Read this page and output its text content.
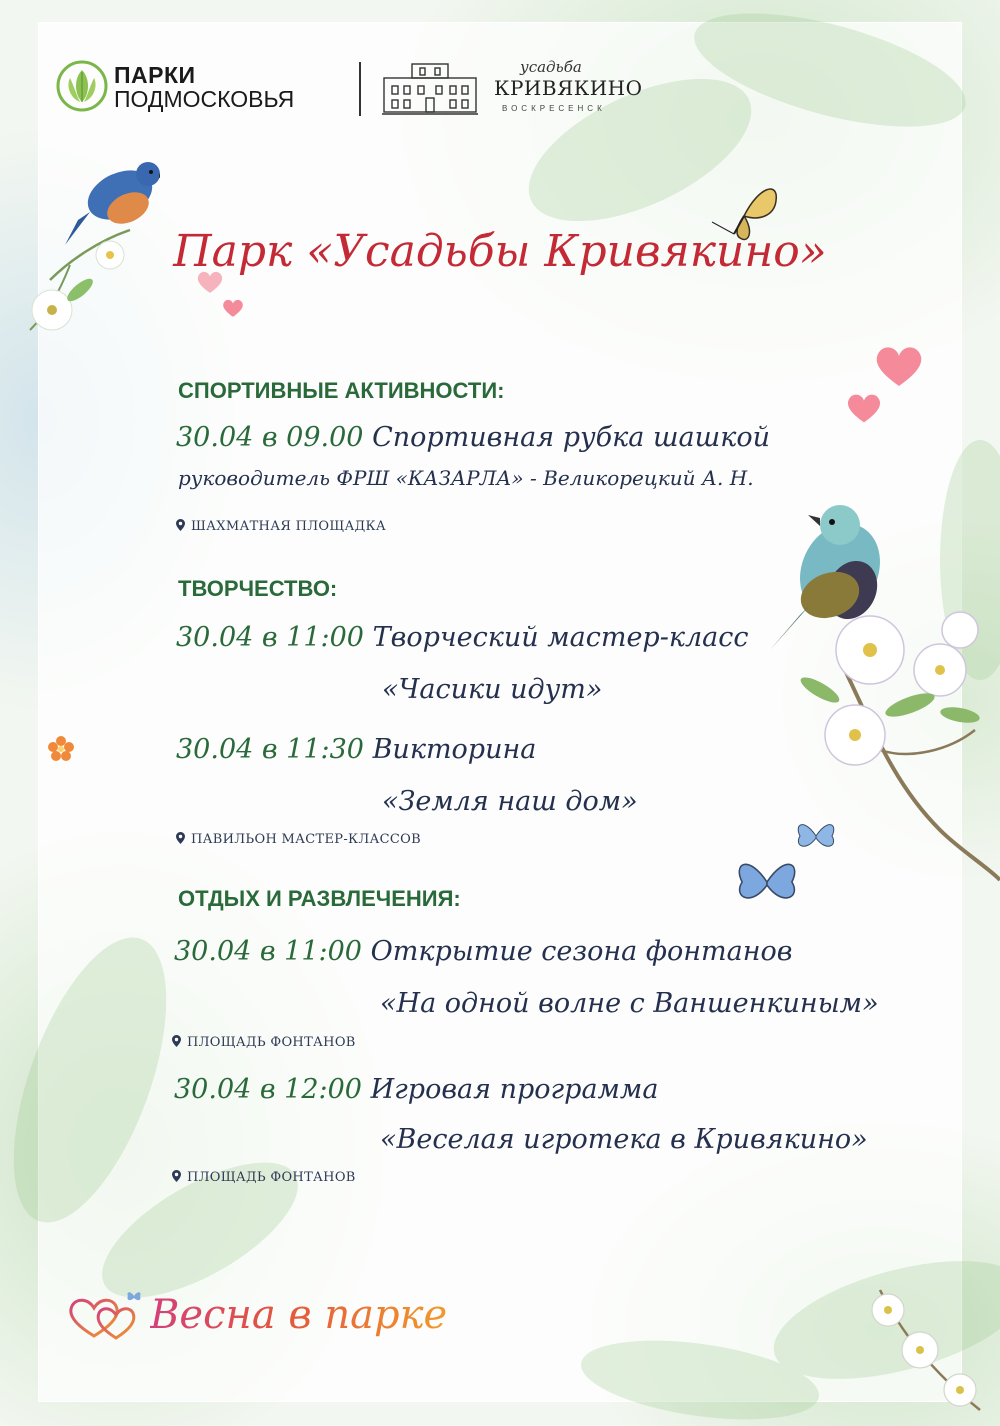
ПАРКИ
ПОДМОСКОВЬЯ
усадьба
КРИВЯКИНО
ВОСКРЕСЕНСК
Парк «Усадьбы Кривякино»
СПОРТИВНЫЕ АКТИВНОСТИ:
30.04 в 09.00 Спортивная рубка шашкой
руководитель ФРШ «КАЗАРЛА» - Великорецкий А. Н.
ШАХМАТНАЯ ПЛОЩАДКА
ТВОРЧЕСТВО:
30.04 в 11:00 Творческий мастер-класс
«Часики идут»
30.04 в 11:30 Викторина
«Земля наш дом»
ПАВИЛЬОН МАСТЕР-КЛАССОВ
ОТДЫХ И РАЗВЛЕЧЕНИЯ:
30.04 в 11:00 Открытие сезона фонтанов
«На одной волне с Ваншенкиным»
ПЛОЩАДЬ ФОНТАНОВ
30.04 в 12:00 Игровая программа
«Веселая игротека в Кривякино»
ПЛОЩАДЬ ФОНТАНОВ
Весна в парке
